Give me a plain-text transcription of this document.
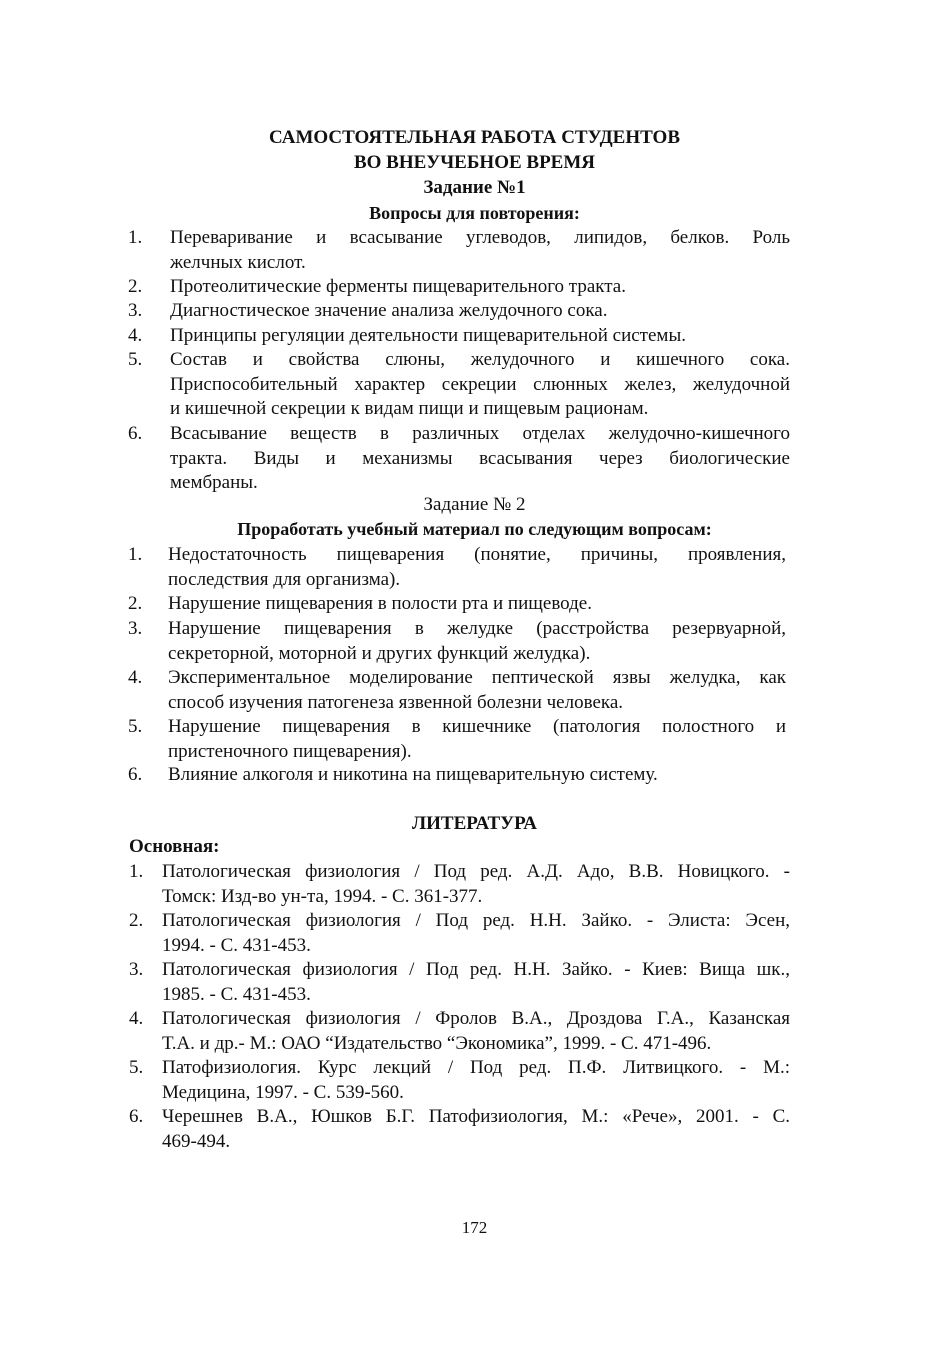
САМОСТОЯТЕЛЬНАЯ РАБОТА СТУДЕНТОВ
ВО ВНЕУЧЕБНОЕ ВРЕМЯ
Задание №1
Вопросы для повторения:
1. Переваривание и всасывание углеводов, липидов, белков. Роль
желчных кислот.
2. Протеолитические ферменты пищеварительного тракта.
3. Диагностическое значение анализа желудочного сока.
4. Принципы регуляции деятельности пищеварительной системы.
5. Состав и свойства слюны, желудочного и кишечного сока.
Приспособительный характер секреции слюнных желез, желудочной
и кишечной секреции к видам пищи и пищевым рационам.
6. Всасывание веществ в различных отделах желудочно-кишечного
тракта. Виды и механизмы всасывания через биологические
мембраны.
Задание № 2
Проработать учебный материал по следующим вопросам:
1. Недостаточность пищеварения (понятие, причины, проявления,
последствия для организма).
2. Нарушение пищеварения в полости рта и пищеводе.
3. Нарушение пищеварения в желудке (расстройства резервуарной,
секреторной, моторной и других функций желудка).
4. Экспериментальное моделирование пептической язвы желудка, как
способ изучения патогенеза язвенной болезни человека.
5. Нарушение пищеварения в кишечнике (патология полостного и
пристеночного пищеварения).
6. Влияние алкоголя и никотина на пищеварительную систему.
ЛИТЕРАТУРА
Основная:
1. Патологическая физиология / Под ред. А.Д. Адо, В.В. Новицкого. -
Томск: Изд-во ун-та, 1994. - С. 361-377.
2. Патологическая физиология / Под ред. Н.Н. Зайко. - Элиста: Эсен,
1994. - С. 431-453.
3. Патологическая физиология / Под ред. Н.Н. Зайко. - Киев: Вища шк.,
1985. - С. 431-453.
4. Патологическая физиология / Фролов В.А., Дроздова Г.А., Казанская
Т.А. и др.- М.: ОАО “Издательство “Экономика”, 1999. - С. 471-496.
5. Патофизиология. Курс лекций / Под ред. П.Ф. Литвицкого. - М.:
Медицина, 1997. - С. 539-560.
6. Черешнев В.А., Юшков Б.Г. Патофизиология, М.: «Рече», 2001. - С.
469-494.
172
